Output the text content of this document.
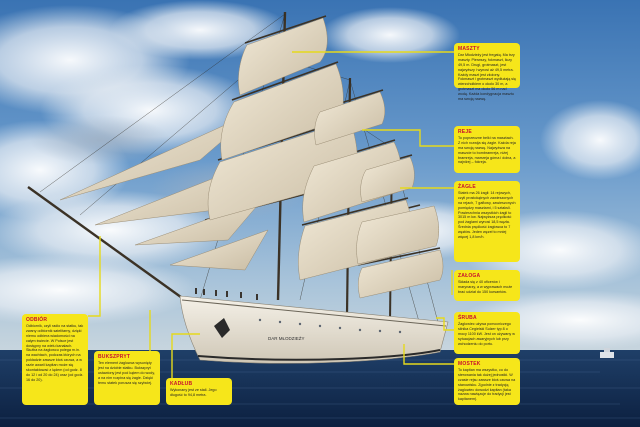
DAR MŁODZIEŻY
MASZTY
Dar Młodzieży jest fregatą. Ma trzy maszty. Pierwszy, fokmaszt, liczy 49,5 m. Drugi, grotmaszt, jest najwyższy i wynosi aż 49,5 metra. Każdy maszt jest złożony. Fokmaszt i grotmaszt wydłużają się wierzchołkiem o około 30 m, a grotmaszt ma około 56 m nad wodą. Każda kondygnacja masztu ma swoją nazwę.
REJE
To poprzeczne belki na masztach. Z nich rozwija się żagle. Każda reja ma swoją nazwę. Najwyższa na maszcie to bombramreja, niżej bramreja, marsreja górna i dolna, a najniżej – fokreja.
ŻAGLE
Statek ma 26 żagli: 14 rejowych, czyli prostokątnych zawieszonych na rejach, 7 gaflowy, zawieszonych pomiędzy masztami, i 5 sztaksli. Powierzchnia wszystkich żagli to 3015 m kw. Najwyższa prędkość pod żaglami wynosi 18,5 węzła. Średnia prędkość żaglowca to 7 węzłów. Jeden węzeł to mniej więcej 1,8 km/h.
ZAŁOGA
Składa się z 40 oficerów i marynarzy, a w wyprawach może brać udział do 150 kursantów.
ŚRUBA
Żaglowiec używa pomocniczego silnika Cegielski Sulzer typ 8 o mocy 1100 kW. Jest on używany w sytuacjach awaryjnych lub przy wchodzeniu do portu.
MOSTEK
To kapitan ma wszystko, co do sterowania tak dużej jednostki. W czasie rejsu zawsze ktoś czuwa na stanowisku. Zgodnie z tradycją żaglowiec dowodzi kapitan (taka nazwa nawiązuje do tradycji jest kapitanem).
ODBIÓR
Odbiornik, czyli radio na statku, tak zwany odbiornik satelitarny, dzięki niemu odbiera wiadomości na całym świecie. W Polsce jest dostępny na wielu kanałach. Służba na żaglowcu polega m.in. na wachtach, podczas których na pokładzie zawsze ktoś czuwa, a w razie awarii kapitan może się skontaktować z lądem (od godz. 8 do 12 i od 20 do 24) oraz (od godz. 16 do 20).
BUKSZPRYT
Ten element żaglowca wysunięty jest na dziobie statku. Bukszpryt ustawiony jest pod kątem do wody, a na nim rozpina się żagle. Dzięki temu statek porusza się szybciej.	KADŁUB
Wykonany jest ze stali. Jego długość to 94,8 metra.
